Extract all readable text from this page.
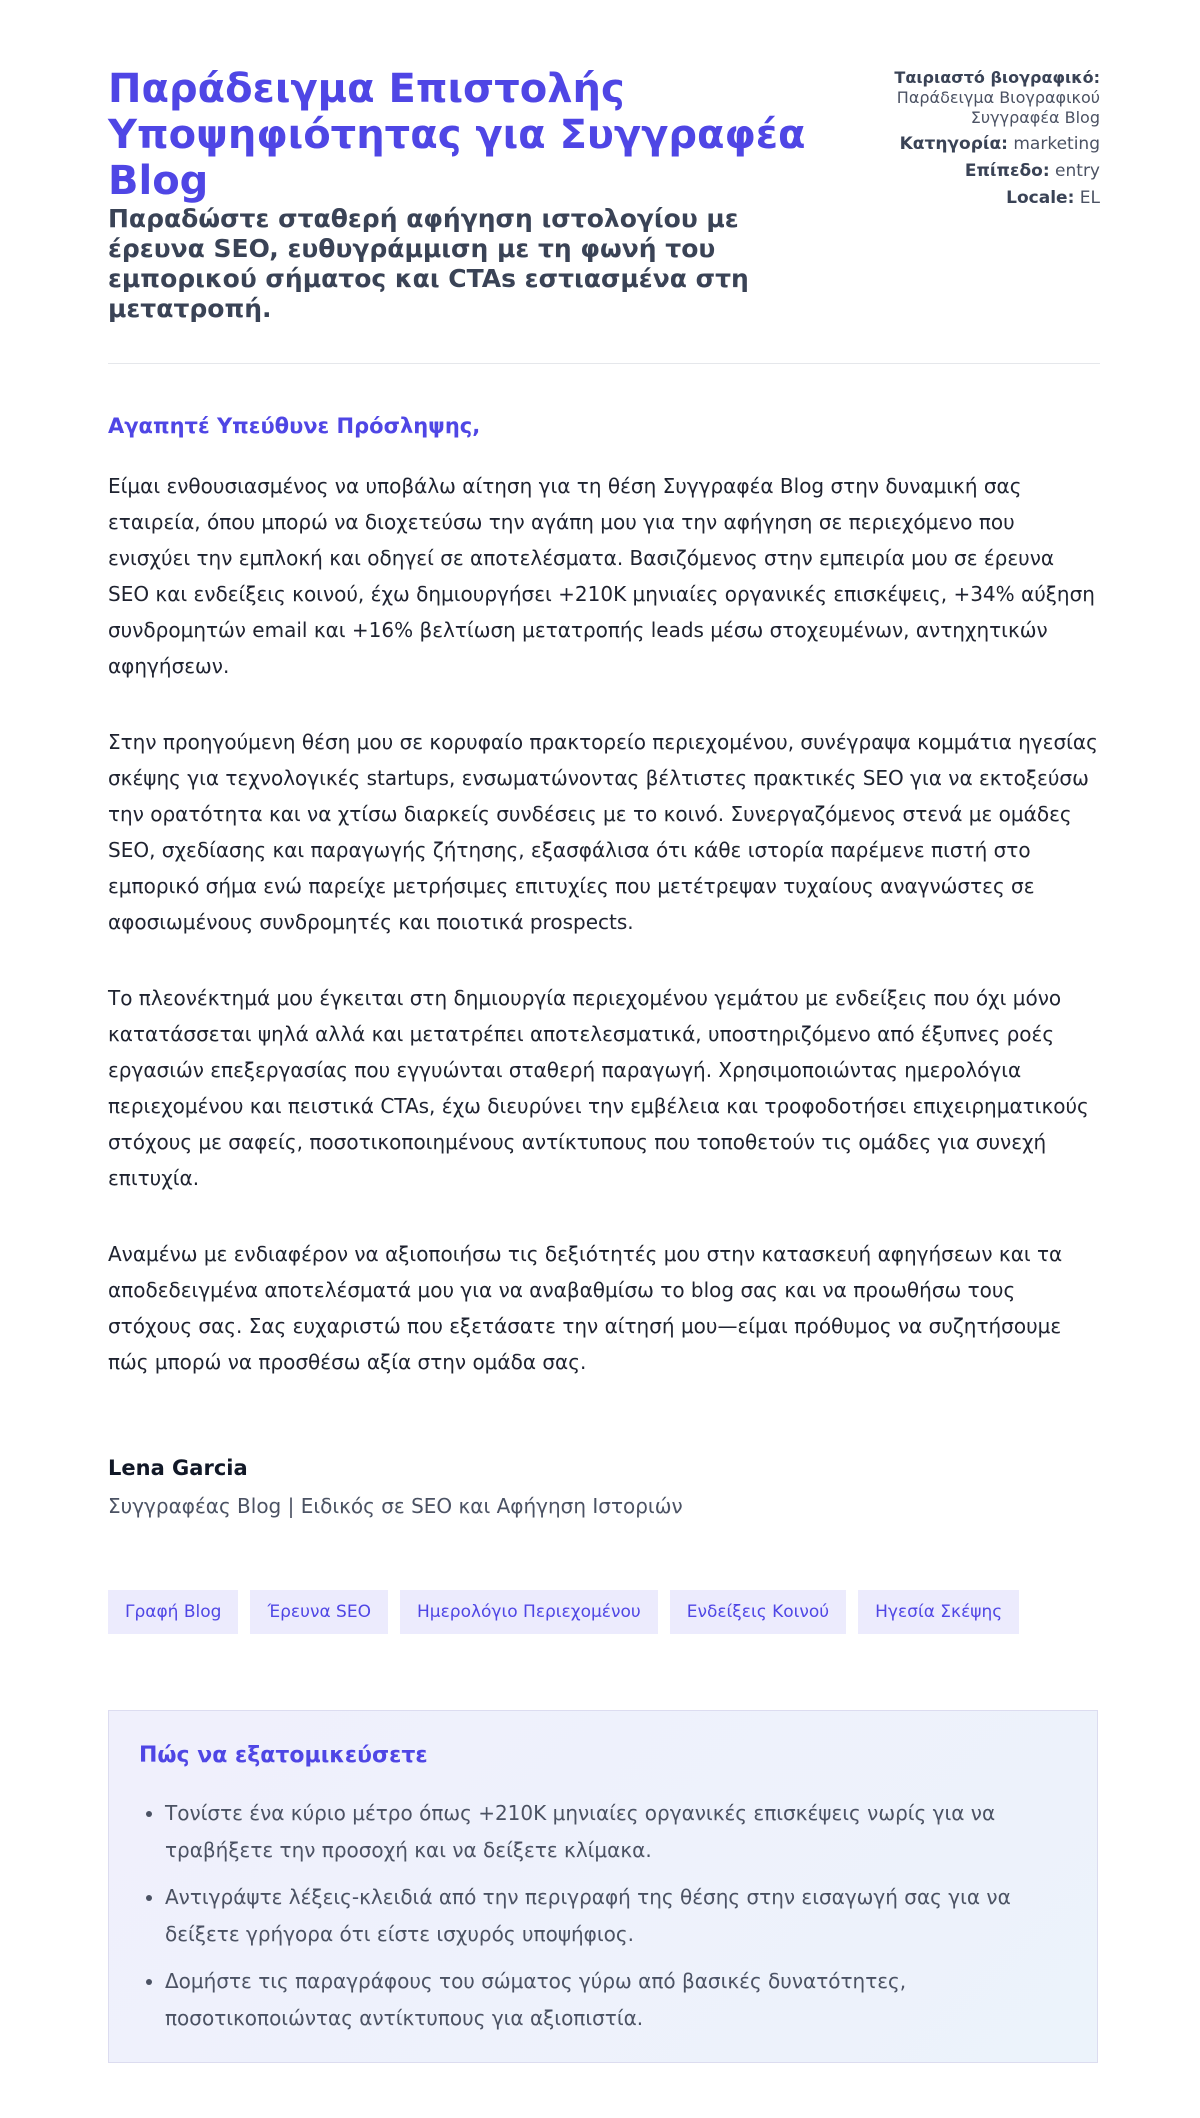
Παράδειγμα Επιστολής Υποψηφιότητας για Συγγραφέα Blog
Παραδώστε σταθερή αφήγηση ιστολογίου με έρευνα SEO, ευθυγράμμιση με τη φωνή του εμπορικού σήματος και CTAs εστιασμένα στη μετατροπή.

Ταιριαστό βιογραφικό:
Παράδειγμα Βιογραφικού Συγγραφέα Blog

Κατηγορία: marketing

Επίπεδο: entry

Locale: EL

Αγαπητέ Υπεύθυνε Πρόσληψης,

Είμαι ενθουσιασμένος να υποβάλω αίτηση για τη θέση Συγγραφέα Blog στην δυναμική σας εταιρεία, όπου μπορώ να διοχετεύσω την αγάπη μου για την αφήγηση σε περιεχόμενο που ενισχύει την εμπλοκή και οδηγεί σε αποτελέσματα. Βασιζόμενος στην εμπειρία μου σε έρευνα SEO και ενδείξεις κοινού, έχω δημιουργήσει +210K μηνιαίες οργανικές επισκέψεις, +34% αύξηση συνδρομητών email και +16% βελτίωση μετατροπής leads μέσω στοχευμένων, αντηχητικών αφηγήσεων.

Στην προηγούμενη θέση μου σε κορυφαίο πρακτορείο περιεχομένου, συνέγραψα κομμάτια ηγεσίας σκέψης για τεχνολογικές startups, ενσωματώνοντας βέλτιστες πρακτικές SEO για να εκτοξεύσω την ορατότητα και να χτίσω διαρκείς συνδέσεις με το κοινό. Συνεργαζόμενος στενά με ομάδες SEO, σχεδίασης και παραγωγής ζήτησης, εξασφάλισα ότι κάθε ιστορία παρέμενε πιστή στο εμπορικό σήμα ενώ παρείχε μετρήσιμες επιτυχίες που μετέτρεψαν τυχαίους αναγνώστες σε αφοσιωμένους συνδρομητές και ποιοτικά prospects.

Το πλεονέκτημά μου έγκειται στη δημιουργία περιεχομένου γεμάτου με ενδείξεις που όχι μόνο κατατάσσεται ψηλά αλλά και μετατρέπει αποτελεσματικά, υποστηριζόμενο από έξυπνες ροές εργασιών επεξεργασίας που εγγυώνται σταθερή παραγωγή. Χρησιμοποιώντας ημερολόγια περιεχομένου και πειστικά CTAs, έχω διευρύνει την εμβέλεια και τροφοδοτήσει επιχειρηματικούς στόχους με σαφείς, ποσοτικοποιημένους αντίκτυπους που τοποθετούν τις ομάδες για συνεχή επιτυχία.

Αναμένω με ενδιαφέρον να αξιοποιήσω τις δεξιότητές μου στην κατασκευή αφηγήσεων και τα αποδεδειγμένα αποτελέσματά μου για να αναβαθμίσω το blog σας και να προωθήσω τους στόχους σας. Σας ευχαριστώ που εξετάσατε την αίτησή μου—είμαι πρόθυμος να συζητήσουμε πώς μπορώ να προσθέσω αξία στην ομάδα σας.

Lena Garcia

Συγγραφέας Blog | Ειδικός σε SEO και Αφήγηση Ιστοριών

Γραφή Blog	Έρευνα SEO	Ημερολόγιο Περιεχομένου	Ενδείξεις Κοινού	Ηγεσία Σκέψης
Πώς να εξατομικεύσετε
• Τονίστε ένα κύριο μέτρο όπως +210K μηνιαίες οργανικές επισκέψεις νωρίς για να τραβήξετε την προσοχή και να δείξετε κλίμακα.
• Αντιγράψτε λέξεις-κλειδιά από την περιγραφή της θέσης στην εισαγωγή σας για να δείξετε γρήγορα ότι είστε ισχυρός υποψήφιος.
• Δομήστε τις παραγράφους του σώματος γύρω από βασικές δυνατότητες, ποσοτικοποιώντας αντίκτυπους για αξιοπιστία.
